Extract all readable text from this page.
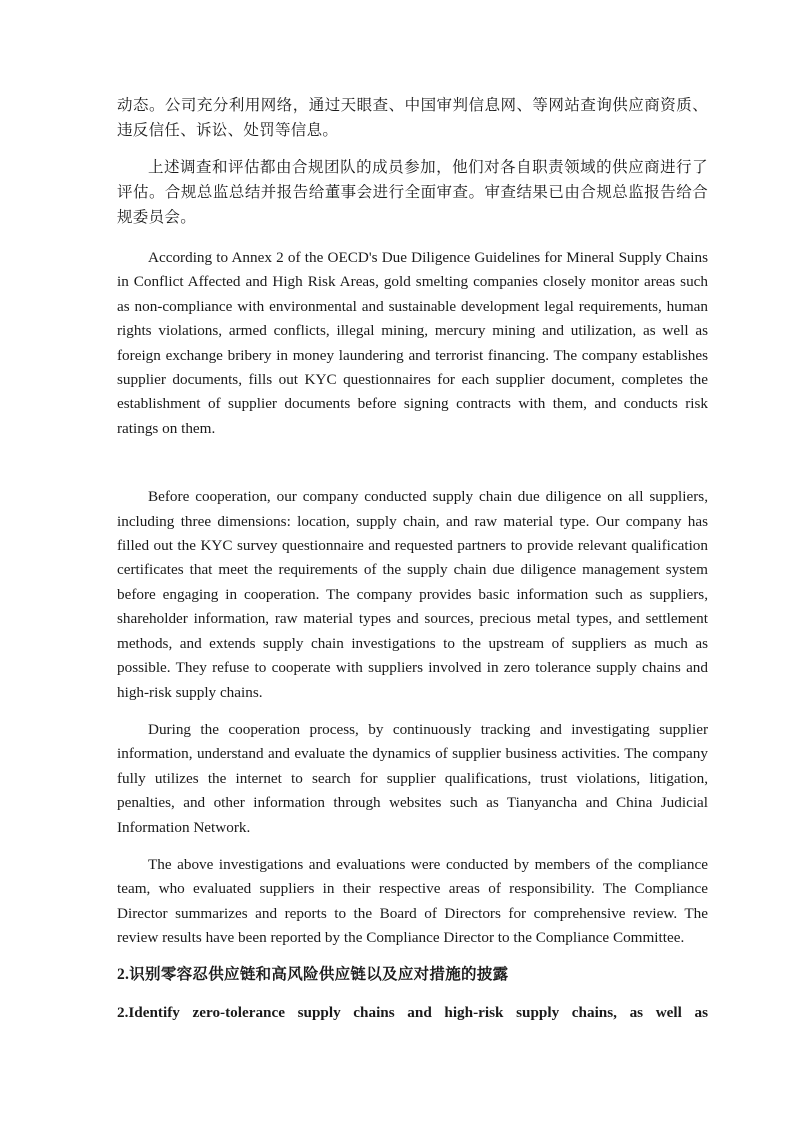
动态。公司充分利用网络，通过天眼查、中国审判信息网、等网站查询供应商资质、违反信任、诉讼、处罚等信息。

上述调查和评估都由合规团队的成员参加，他们对各自职责领域的供应商进行了评估。合规总监总结并报告给董事会进行全面审查。审查结果已由合规总监报告给合规委员会。

According to Annex 2 of the OECD's Due Diligence Guidelines for Mineral Supply Chains in Conflict Affected and High Risk Areas, gold smelting companies closely monitor areas such as non-compliance with environmental and sustainable development legal requirements, human rights violations, armed conflicts, illegal mining, mercury mining and utilization, as well as foreign exchange bribery in money laundering and terrorist financing. The company establishes supplier documents, fills out KYC questionnaires for each supplier document, completes the establishment of supplier documents before signing contracts with them, and conducts risk ratings on them.

Before cooperation, our company conducted supply chain due diligence on all suppliers, including three dimensions: location, supply chain, and raw material type. Our company has filled out the KYC survey questionnaire and requested partners to provide relevant qualification certificates that meet the requirements of the supply chain due diligence management system before engaging in cooperation. The company provides basic information such as suppliers, shareholder information, raw material types and sources, precious metal types, and settlement methods, and extends supply chain investigations to the upstream of suppliers as much as possible. They refuse to cooperate with suppliers involved in zero tolerance supply chains and high-risk supply chains.

During the cooperation process, by continuously tracking and investigating supplier information, understand and evaluate the dynamics of supplier business activities. The company fully utilizes the internet to search for supplier qualifications, trust violations, litigation, penalties, and other information through websites such as Tianyancha and China Judicial Information Network.

The above investigations and evaluations were conducted by members of the compliance team, who evaluated suppliers in their respective areas of responsibility. The Compliance Director summarizes and reports to the Board of Directors for comprehensive review. The review results have been reported by the Compliance Director to the Compliance Committee.

2.识别零容忍供应链和高风险供应链以及应对措施的披露

2.Identify zero-tolerance supply chains and high-risk supply chains, as well as
